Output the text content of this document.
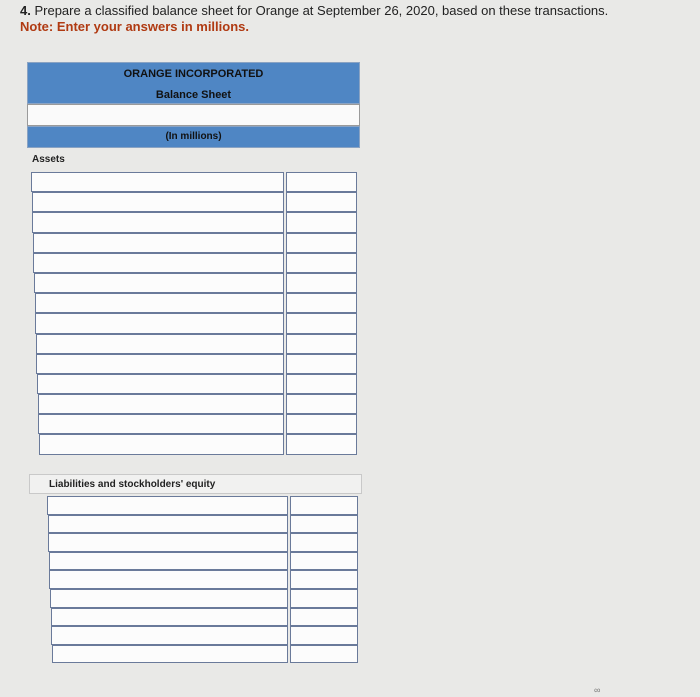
4. Prepare a classified balance sheet for Orange at September 26, 2020, based on these transactions.

Note: Enter your answers in millions.

ORANGE INCORPORATED
Balance Sheet
(In millions)
Assets
Liabilities and stockholders' equity
∞
